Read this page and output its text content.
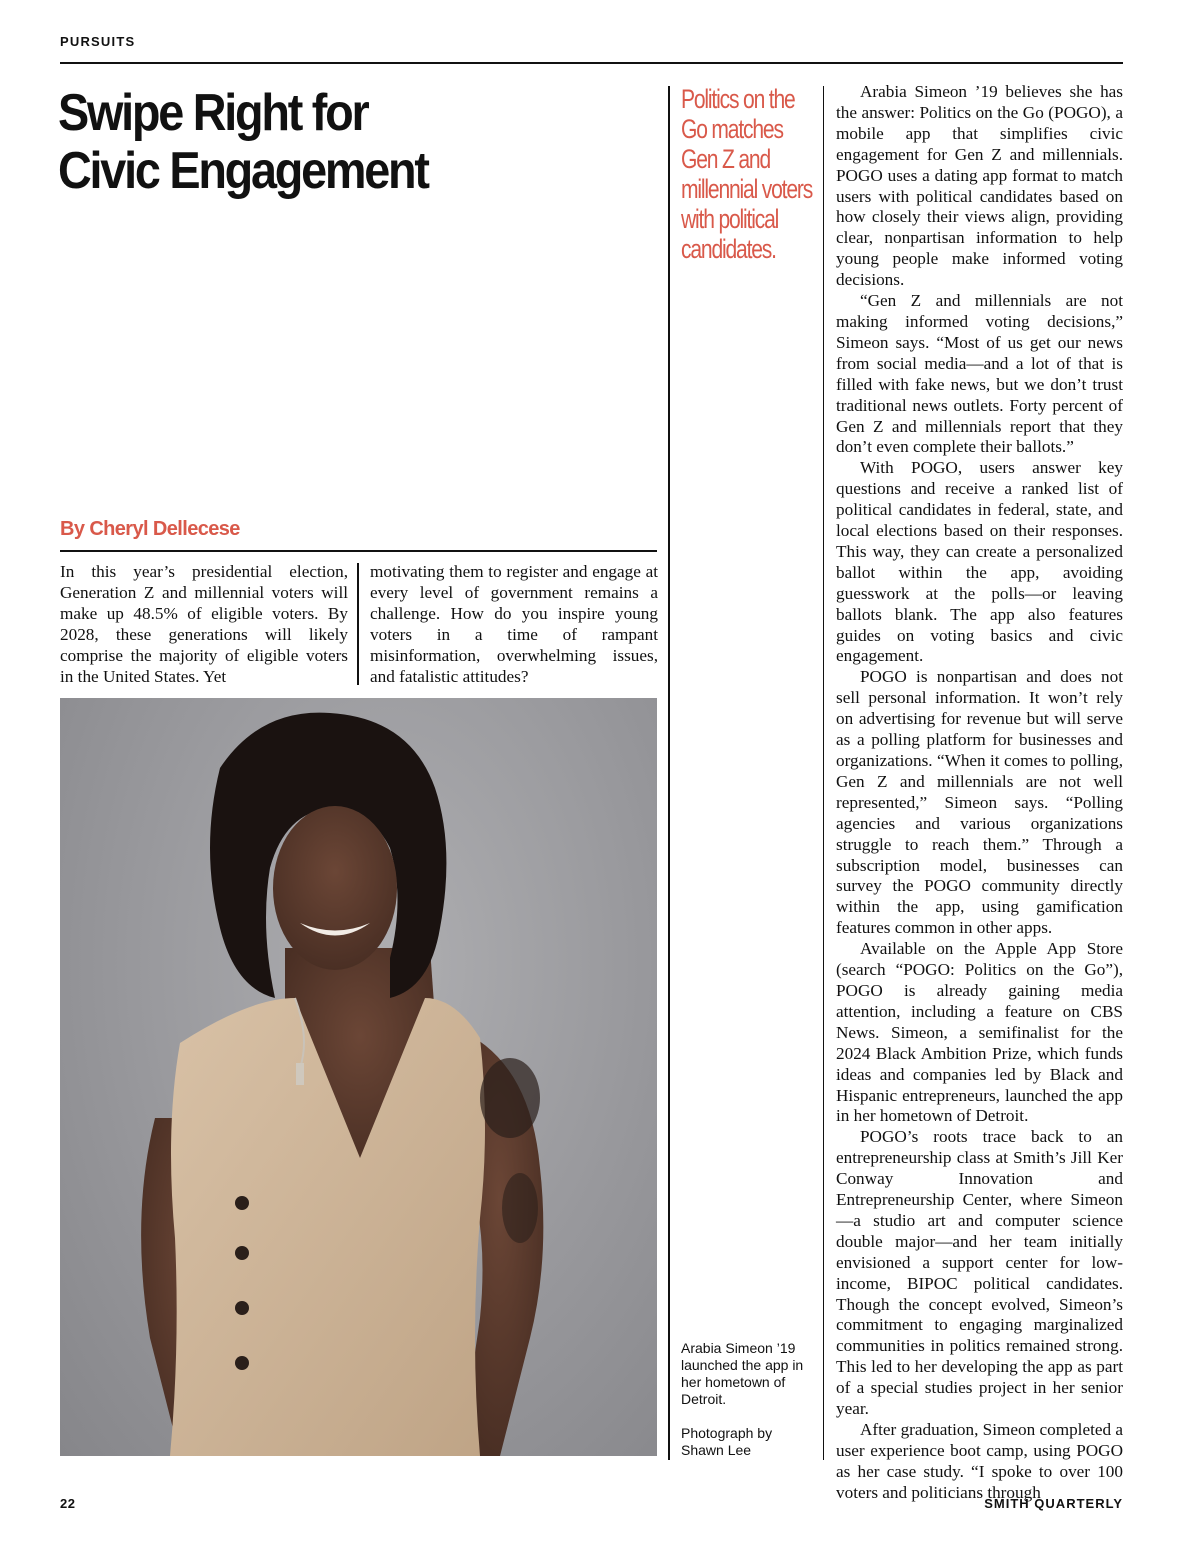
PURSUITS
Swipe Right for
Civic Engagement
By Cheryl Dellecese

In this year’s presidential election, Generation Z and millennial voters will make up 48.5% of eligible voters. By 2028, these generations will likely comprise the majority of eligible voters in the United States. Yet

motivating them to register and engage at every level of government remains a challenge. How do you inspire young voters in a time of rampant misinformation, overwhelming issues, and fatalistic attitudes?

Politics on the Go matches Gen Z and millennial voters with political candidates.

Arabia Simeon ’19 launched the app in her hometown of Detroit.

Photograph by Shawn Lee

Arabia Simeon ’19 believes she has the answer: Politics on the Go (POGO), a mobile app that simplifies civic engagement for Gen Z and millennials. POGO uses a dating app format to match users with political candidates based on how closely their views align, providing clear, nonpartisan information to help young people make informed voting decisions.

“Gen Z and millennials are not making informed voting decisions,” Simeon says. “Most of us get our news from social media—and a lot of that is filled with fake news, but we don’t trust traditional news outlets. Forty percent of Gen Z and millennials report that they don’t even complete their ballots.”

With POGO, users answer key questions and receive a ranked list of political candidates in federal, state, and local elections based on their responses. This way, they can create a personalized ballot within the app, avoiding guesswork at the polls—or leaving ballots blank. The app also features guides on voting basics and civic engagement.

POGO is nonpartisan and does not sell personal information. It won’t rely on advertising for revenue but will serve as a polling platform for businesses and organizations. “When it comes to polling, Gen Z and millennials are not well represented,” Simeon says. “Polling agencies and various organizations struggle to reach them.” Through a subscription model, businesses can survey the POGO community directly within the app, using gamification features common in other apps.

Available on the Apple App Store (search “POGO: Politics on the Go”), POGO is already gaining media attention, including a feature on CBS News. Simeon, a semifinalist for the 2024 Black Ambition Prize, which funds ideas and companies led by Black and Hispanic entrepreneurs, launched the app in her hometown of Detroit.

POGO’s roots trace back to an entrepreneurship class at Smith’s Jill Ker Conway Innovation and Entrepreneurship Center, where Simeon—a studio art and computer science double major—and her team initially envisioned a support center for low-income, BIPOC political candidates. Though the concept evolved, Simeon’s commitment to engaging marginalized communities in politics remained strong. This led to her developing the app as part of a special studies project in her senior year.

After graduation, Simeon completed a user experience boot camp, using POGO as her case study. “I spoke to over 100 voters and politicians through

22	SMITH QUARTERLY
